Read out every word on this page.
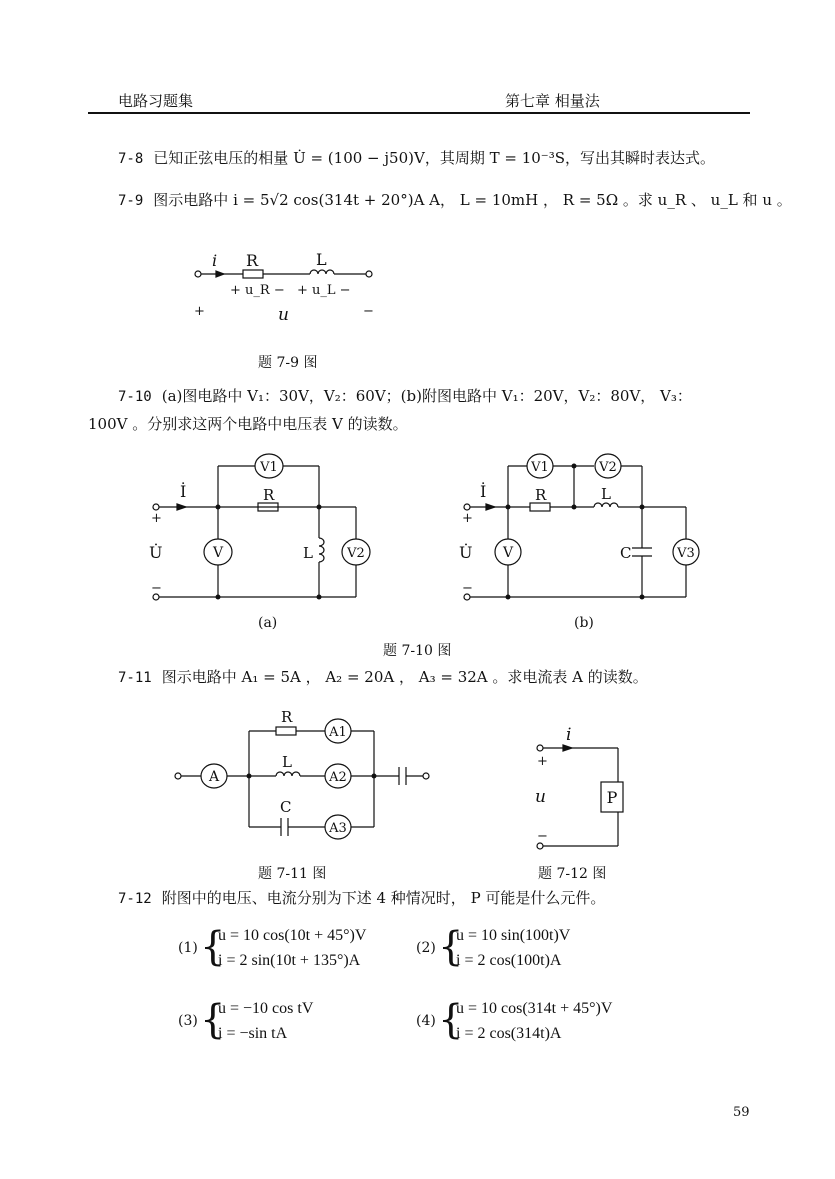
电路习题集	第七章 相量法
7-8 已知正弦电压的相量 U̇ = (100 − j50)V，其周期 T = 10⁻³S，写出其瞬时表达式。
7-9 图示电路中 i = 5√2 cos(314t + 20°)A A， L = 10mH ， R = 5Ω 。求 u_R 、 u_L 和 u 。
i R	L
+ u_R − + u_L −
+	−
u
İ
+
U̇
−
R
L
V1
V	V2
İ
+
U̇
−
R	L
C
V1	V2
V	V3
R
L
C
A
A1
A2
A3
i
+
u
−
P
题 7-9 图
7-10 (a)图电路中 V₁：30V，V₂：60V；(b)附图电路中 V₁：20V，V₂：80V， V₃：
100V 。分别求这两个电路中电压表 V 的读数。
(a)	(b)
题 7-10 图
7-11 图示电路中 A₁ = 5A ， A₂ = 20A ， A₃ = 32A 。求电流表 A 的读数。
题 7-11 图	题 7-12 图
7-12 附图中的电压、电流分别为下述 4 种情况时， P 可能是什么元件。
(1) {
u = 10 cos(10t + 45°)V
i = 2 sin(10t + 135°)A
(2) {
u = 10 sin(100t)V
i = 2 cos(100t)A
(3) {
u = −10 cos tV
i = −sin tA
(4) {
u = 10 cos(314t + 45°)V
i = 2 cos(314t)A
59
